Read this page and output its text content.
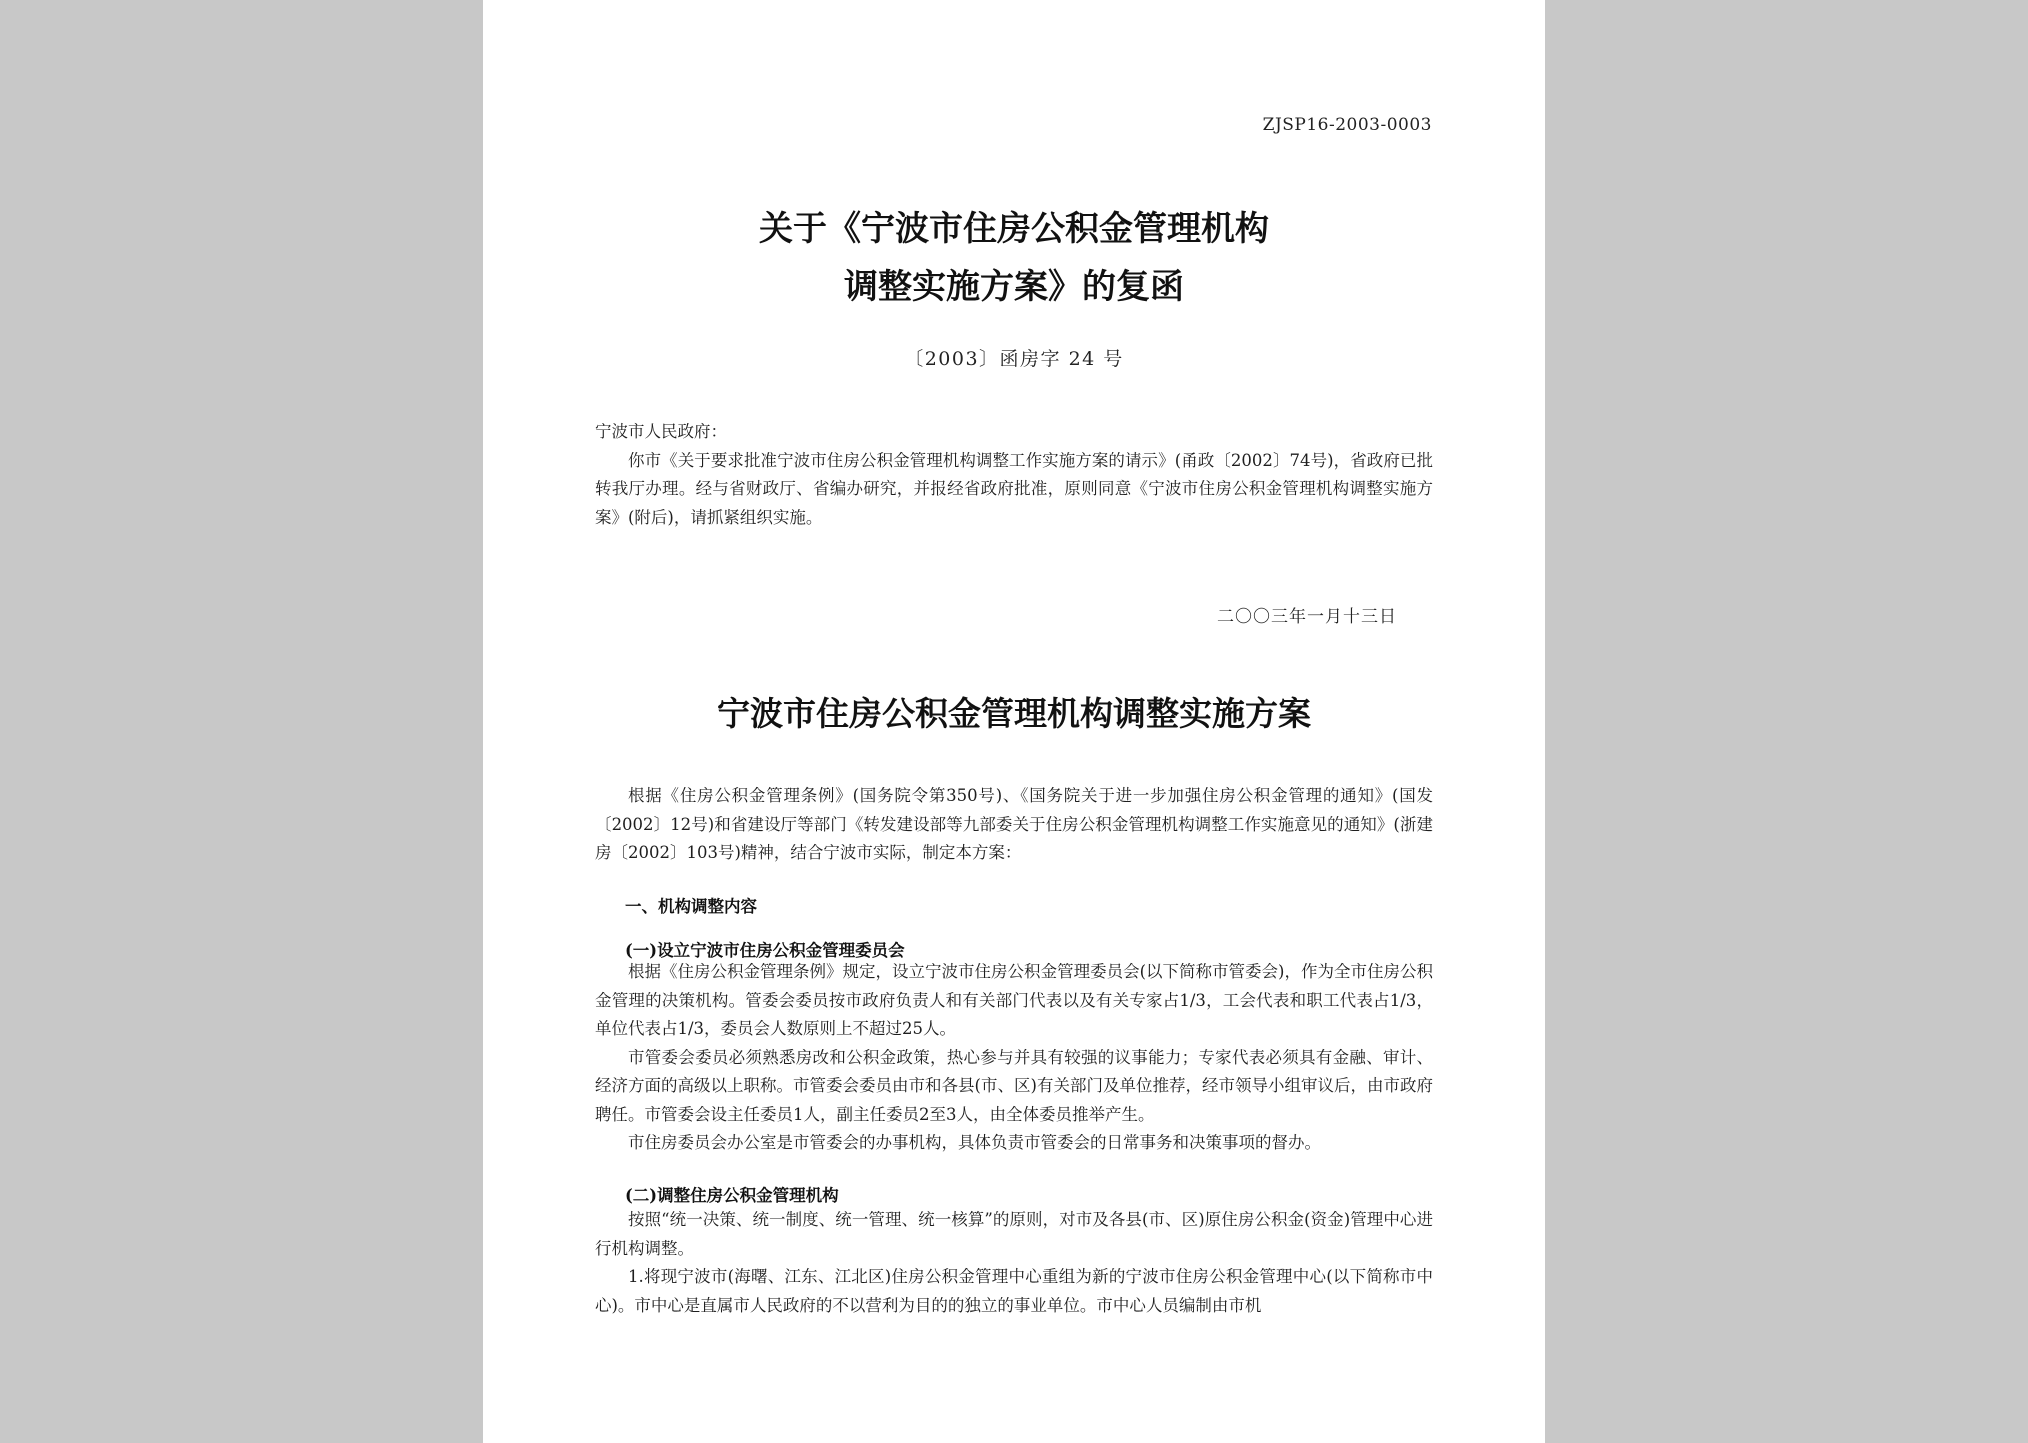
ZJSP16-2003-0003
关于《宁波市住房公积金管理机构
调整实施方案》的复函
〔2003〕函房字 24 号
宁波市人民政府：

你市《关于要求批准宁波市住房公积金管理机构调整工作实施方案的请示》(甬政〔2002〕74号)，省政府已批转我厅办理。经与省财政厅、省编办研究，并报经省政府批准，原则同意《宁波市住房公积金管理机构调整实施方案》(附后)，请抓紧组织实施。

二〇〇三年一月十三日
宁波市住房公积金管理机构调整实施方案

根据《住房公积金管理条例》(国务院令第350号)、《国务院关于进一步加强住房公积金管理的通知》(国发〔2002〕12号)和省建设厅等部门《转发建设部等九部委关于住房公积金管理机构调整工作实施意见的通知》(浙建房〔2002〕103号)精神，结合宁波市实际，制定本方案：

一、机构调整内容
(一)设立宁波市住房公积金管理委员会

根据《住房公积金管理条例》规定，设立宁波市住房公积金管理委员会(以下简称市管委会)，作为全市住房公积金管理的决策机构。管委会委员按市政府负责人和有关部门代表以及有关专家占1/3，工会代表和职工代表占1/3，单位代表占1/3，委员会人数原则上不超过25人。

市管委会委员必须熟悉房改和公积金政策，热心参与并具有较强的议事能力；专家代表必须具有金融、审计、经济方面的高级以上职称。市管委会委员由市和各县(市、区)有关部门及单位推荐，经市领导小组审议后，由市政府聘任。市管委会设主任委员1人，副主任委员2至3人，由全体委员推举产生。

市住房委员会办公室是市管委会的办事机构，具体负责市管委会的日常事务和决策事项的督办。

(二)调整住房公积金管理机构

按照“统一决策、统一制度、统一管理、统一核算”的原则，对市及各县(市、区)原住房公积金(资金)管理中心进行机构调整。

1.将现宁波市(海曙、江东、江北区)住房公积金管理中心重组为新的宁波市住房公积金管理中心(以下简称市中心)。市中心是直属市人民政府的不以营利为目的的独立的事业单位。市中心人员编制由市机
